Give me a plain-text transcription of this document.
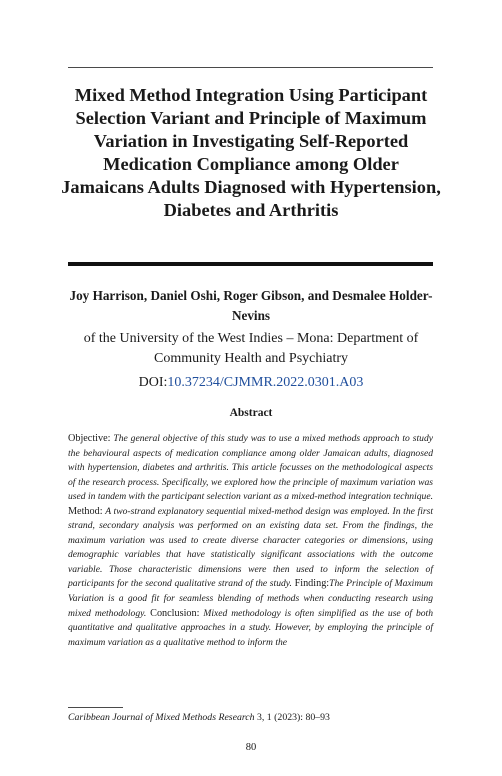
Mixed Method Integration Using Participant Selection Variant and Principle of Maximum Variation in Investigating Self-Reported Medication Compliance among Older Jamaicans Adults Diagnosed with Hypertension, Diabetes and Arthritis

Joy Harrison, Daniel Oshi, Roger Gibson, and Desmalee Holder-Nevins

of the University of the West Indies – Mona: Department of Community Health and Psychiatry

DOI:10.37234/CJMMR.2022.0301.A03
Abstract

Objective: The general objective of this study was to use a mixed methods approach to study the behavioural aspects of medication compliance among older Jamaican adults, diagnosed with hypertension, diabetes and arthritis. This article focusses on the methodological aspects of the research process. Specifically, we explored how the principle of maximum variation was used in tandem with the participant selection variant as a mixed-method integration technique. Method: A two-strand explanatory sequential mixed-method design was employed. In the first strand, secondary analysis was performed on an existing data set. From the findings, the maximum variation was used to create diverse character categories or dimensions, using demographic variables that have statistically significant associations with the outcome variable. Those characteristic dimensions were then used to inform the selection of participants for the second qualitative strand of the study. Finding:The Principle of Maximum Variation is a good fit for seamless blending of methods when conducting research using mixed methodology. Conclusion: Mixed methodology is often simplified as the use of both quantitative and qualitative approaches in a study. However, by employing the principle of maximum variation as a qualitative method to inform the

Caribbean Journal of Mixed Methods Research 3, 1 (2023): 80–93
80
